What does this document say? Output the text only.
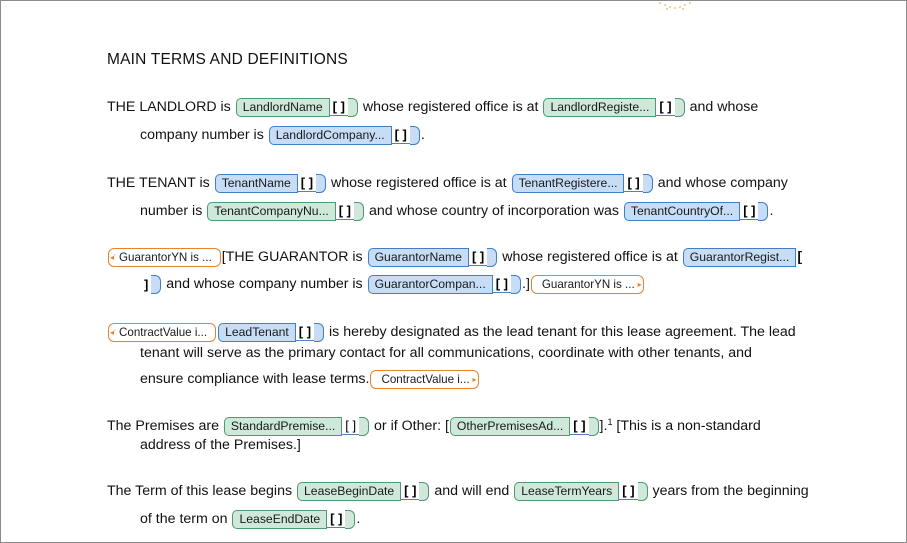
MAIN TERMS AND DEFINITIONS
THE LANDLORD is LandlordName [ ] whose registered office is at LandlordRegiste... [ ] and whose
company number is LandlordCompany... [ ] .
THE TENANT is TenantName [ ] whose registered office is at TenantRegistere... [ ] and whose company
number is TenantCompanyNu... [ ] and whose country of incorporation was TenantCountryOf... [ ] .
◂’ GuarantorYN is ... [THE GUARANTOR is GuarantorName [ ] whose registered office is at GuarantorRegist... [
] and whose company number is GuarantorCompan... [ ] .]	GuarantorYN is ... ▸
◂’ ContractValue i...	LeadTenant [ ] is hereby designated as the lead tenant for this lease agreement. The lead
tenant will serve as the primary contact for all communications, coordinate with other tenants, and
ensure compliance with lease terms.	ContractValue i... ▸
The Premises are StandardPremise... [ ] or if Other: [ OtherPremisesAd... [ ] ].$^1$ [This is a non-standard
address of the Premises.]
The Term of this lease begins LeaseBeginDate [ ] and will end LeaseTermYears [ ] years from the beginning
of the term on LeaseEndDate [ ] .
